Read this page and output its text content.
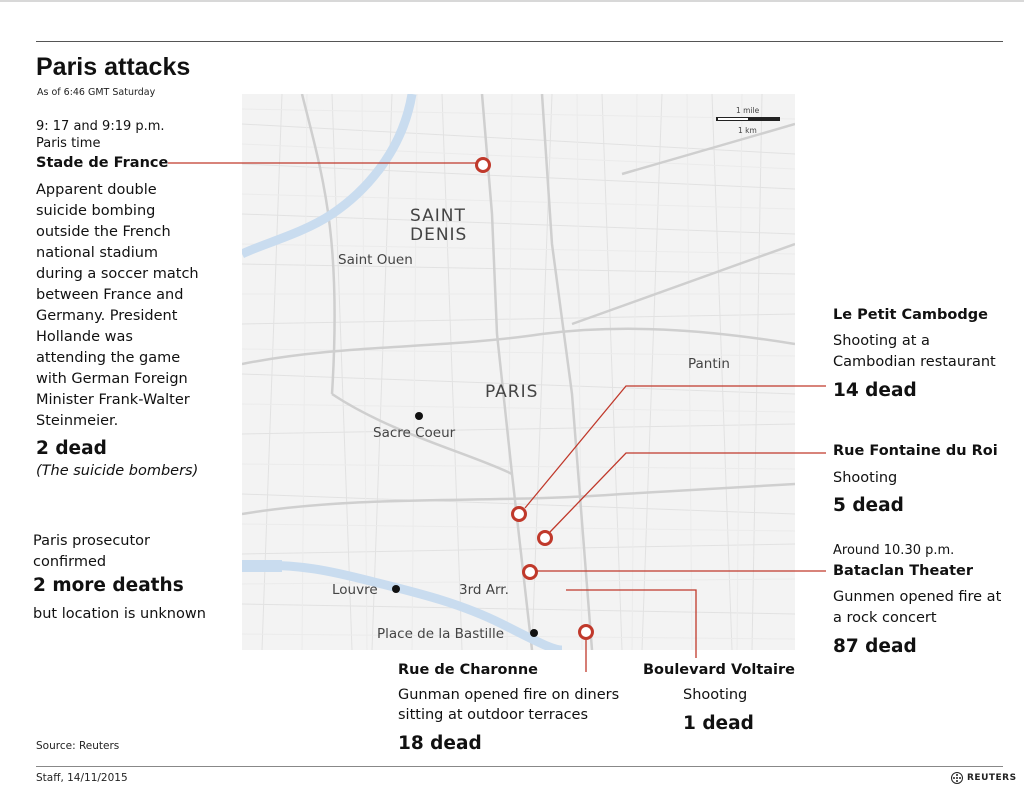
Paris attacks
As of 6:46 GMT Saturday
SAINT
DENIS
Saint Ouen
PARIS
Pantin
Sacre Coeur
Louvre	3rd Arr.
Place de la Bastille
1 mile
1 km
9: 17 and 9:19 p.m.
Paris time
Stade de France
Apparent double
suicide bombing
outside the French
national stadium
during a soccer match
between France and
Germany. President
Hollande was
attending the game
with German Foreign
Minister Frank-Walter
Steinmeier.
2 dead
(The suicide bombers)
Paris prosecutor
confirmed
2 more deaths
but location is unknown
Le Petit Cambodge
Shooting at a
Cambodian restaurant
14 dead
Rue Fontaine du Roi
Shooting
5 dead
Around 10.30 p.m.
Bataclan Theater
Gunmen opened fire at
a rock concert
87 dead
Rue de Charonne
Gunman opened fire on diners
sitting at outdoor terraces
18 dead
Boulevard Voltaire
Shooting
1 dead
Source: Reuters
Staff, 14/11/2015	REUTERS
